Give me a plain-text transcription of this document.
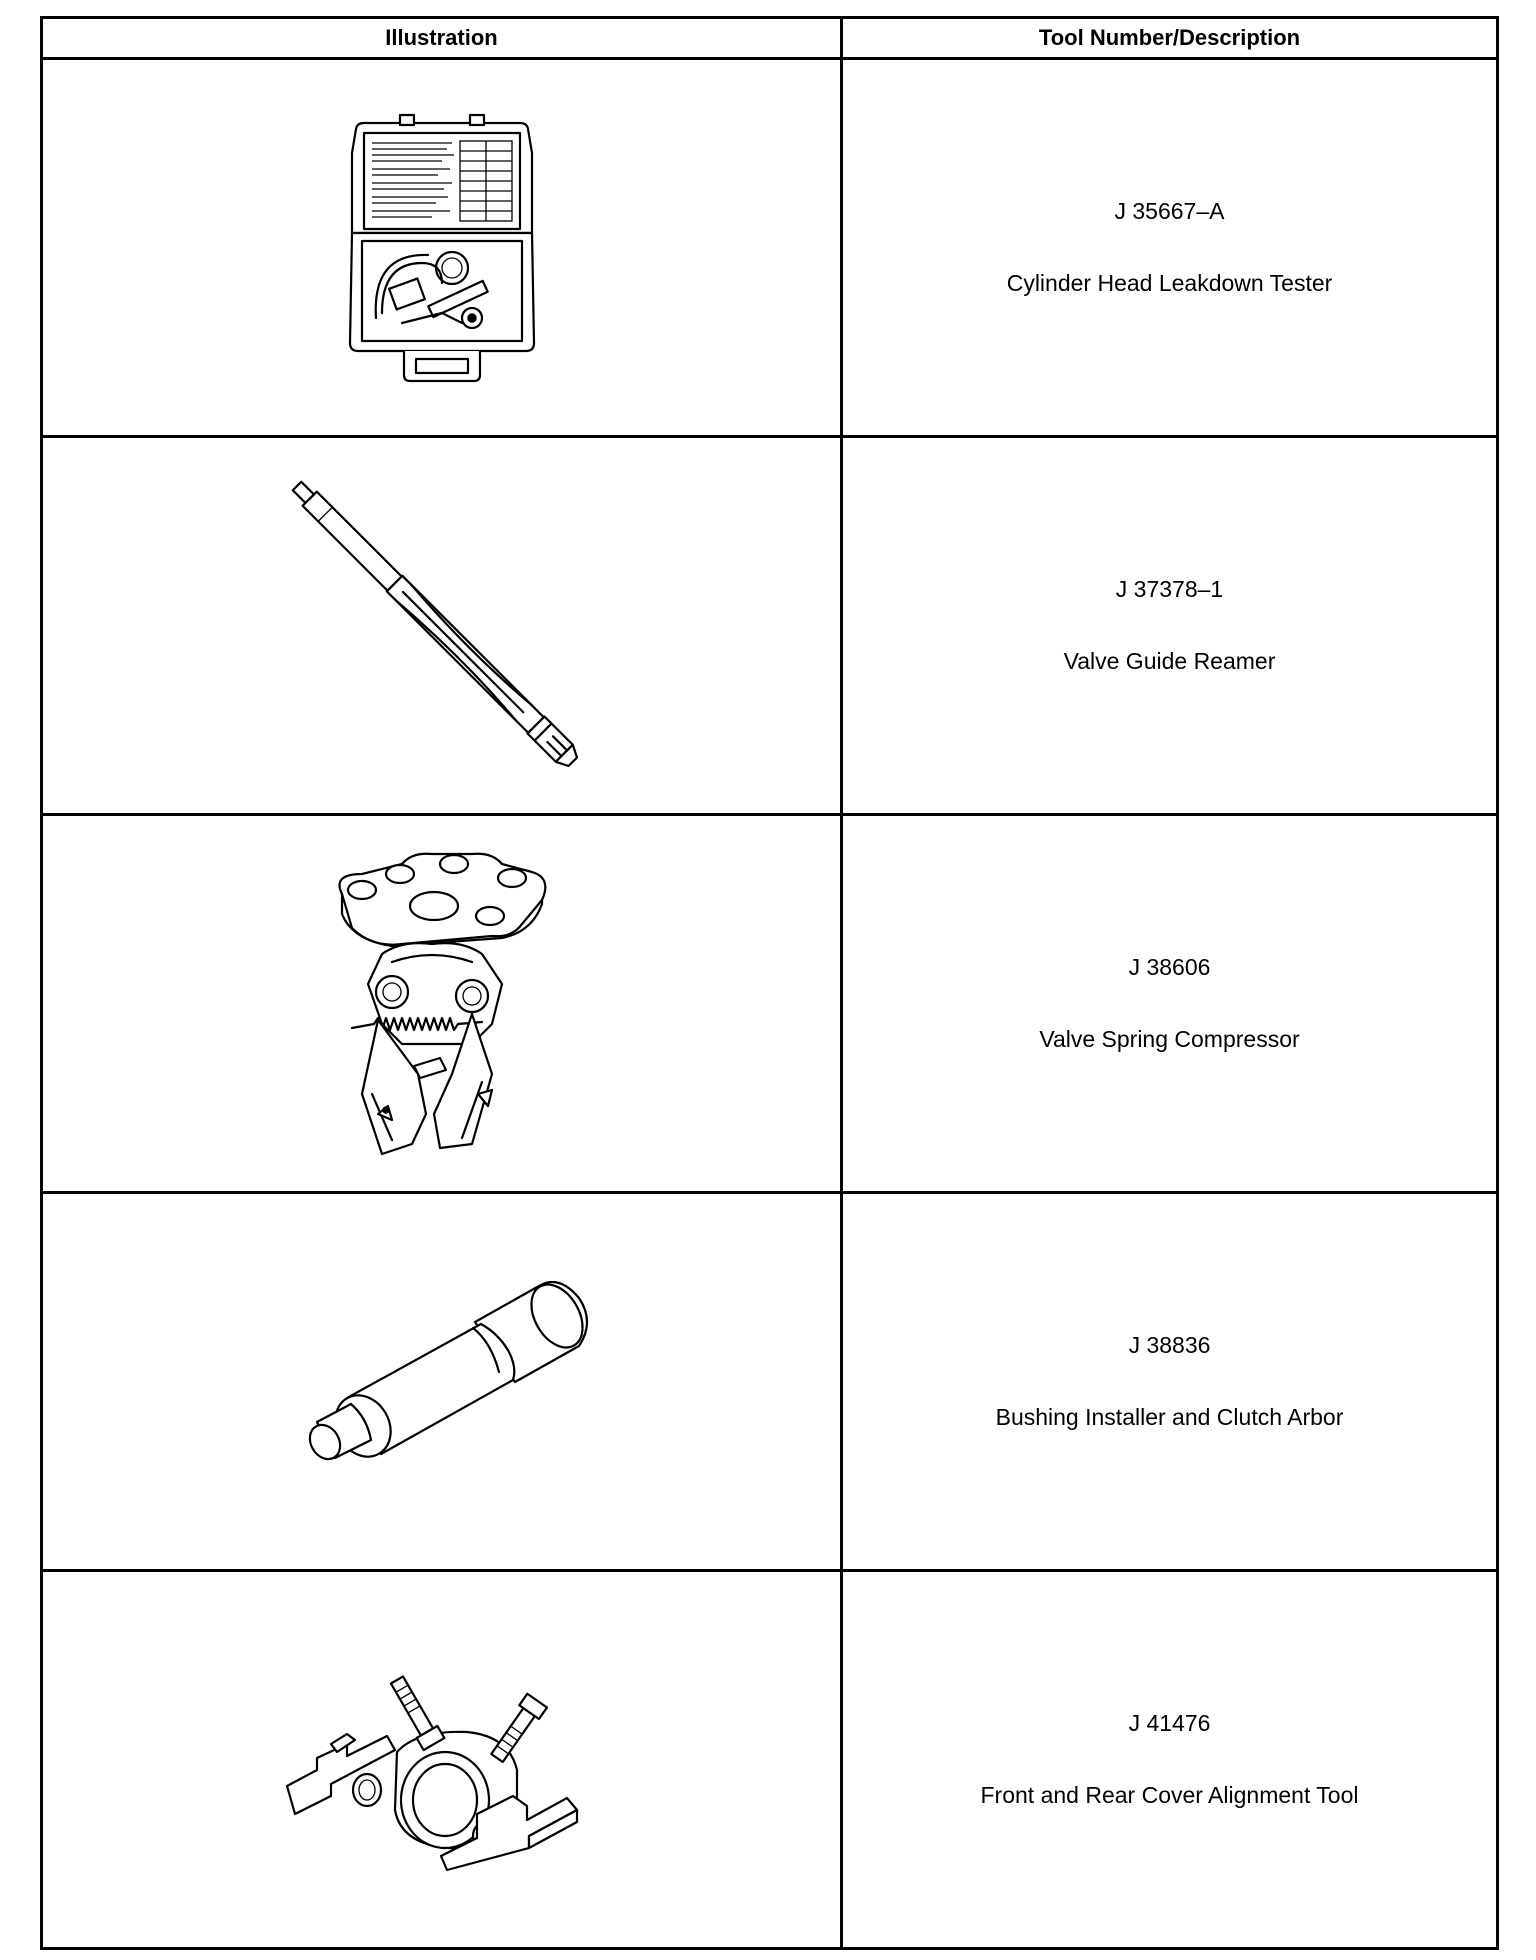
Illustration	Tool Number/Description

J 35667–A
Cylinder Head Leakdown Tester

J 37378–1
Valve Guide Reamer

J 38606
Valve Spring Compressor

J 38836
Bushing Installer and Clutch Arbor

J 41476
Front and Rear Cover Alignment Tool
